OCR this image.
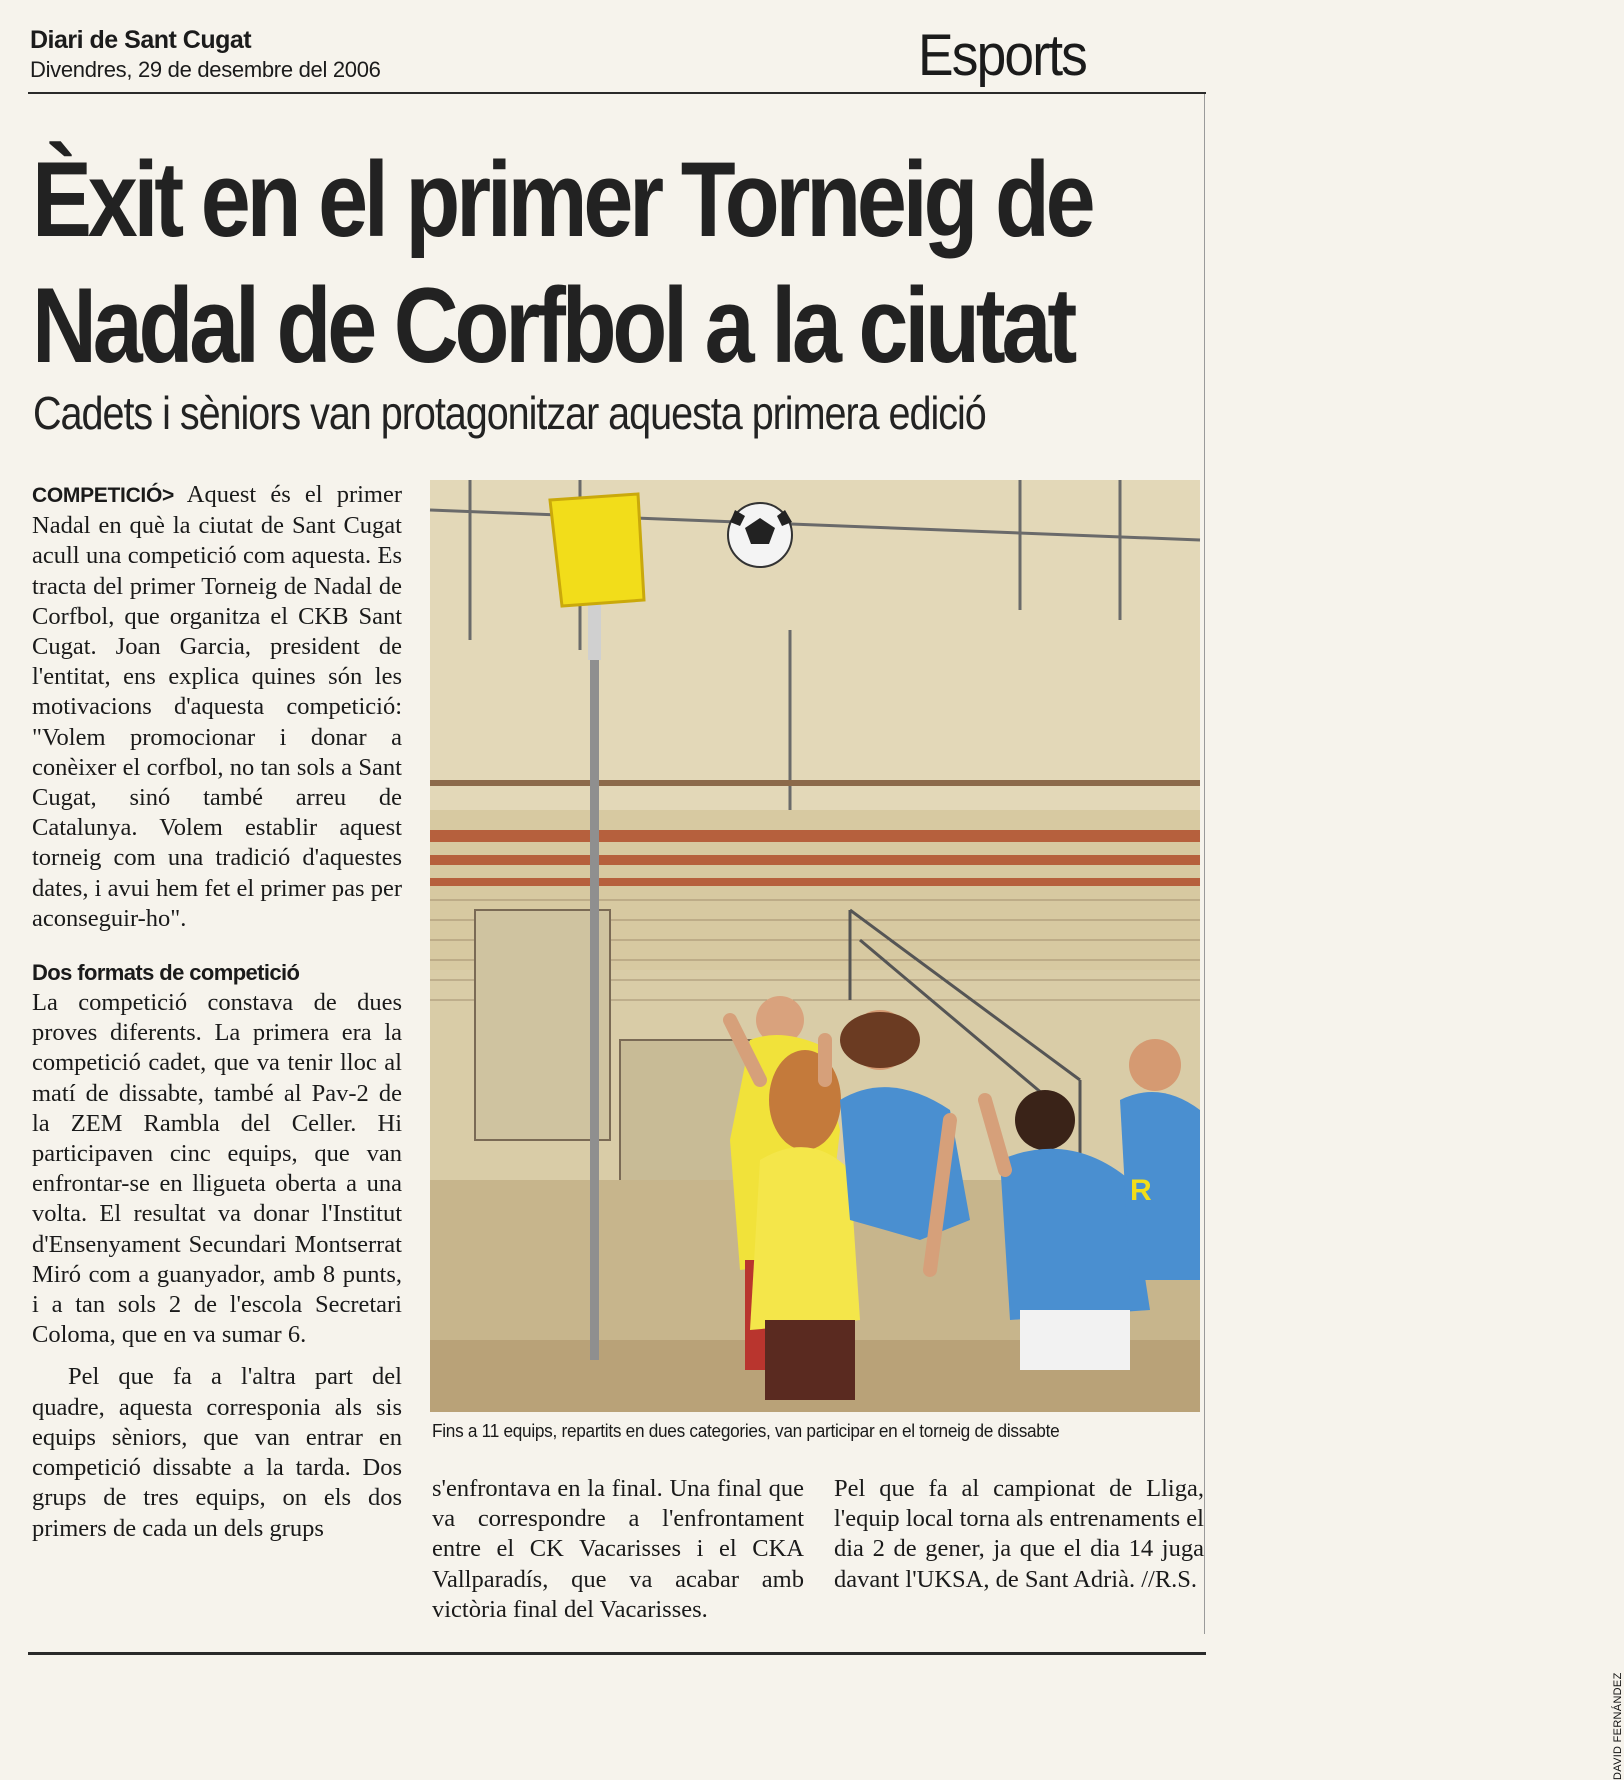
Diari de Sant Cugat
Divendres, 29 de desembre del 2006	Esports
Èxit en el primer Torneig de
Nadal de Corfbol a la ciutat
Cadets i sèniors van protagonitzar aquesta primera edició

COMPETICIÓ> Aquest és el primer Nadal en què la ciutat de Sant Cugat acull una competició com aquesta. Es tracta del primer Torneig de Nadal de Corfbol, que organitza el CKB Sant Cugat. Joan Garcia, president de l'entitat, ens explica quines són les motivacions d'aquesta competició: "Volem promocionar i donar a conèixer el corfbol, no tan sols a Sant Cugat, sinó també arreu de Catalunya. Volem establir aquest torneig com una tradició d'aquestes dates, i avui hem fet el primer pas per aconseguir-ho".

Dos formats de competició

La competició constava de dues proves diferents. La primera era la competició cadet, que va tenir lloc al matí de dissabte, també al Pav-2 de la ZEM Rambla del Celler. Hi participaven cinc equips, que van enfrontar-se en lligueta oberta a una volta. El resultat va donar l'Institut d'Ensenyament Secundari Montserrat Miró com a guanyador, amb 8 punts, i a tan sols 2 de l'escola Secretari Coloma, que en va sumar 6.

Pel que fa a l'altra part del quadre, aquesta corresponia als sis equips sèniors, que van entrar en competició dissabte a la tarda. Dos grups de tres equips, on els dos primers de cada un dels grups

R
DAVID FERNÁNDEZ
Fins a 11 equips, repartits en dues categories, van participar en el torneig de dissabte

s'enfrontava en la final. Una final que va correspondre a l'enfrontament entre el CK Vacarisses i el CKA Vallparadís, que va acabar amb victòria final del Vacarisses.

Pel que fa al campionat de Lliga, l'equip local torna als entrenaments el dia 2 de gener, ja que el dia 14 juga davant l'UKSA, de Sant Adrià. //R.S.
